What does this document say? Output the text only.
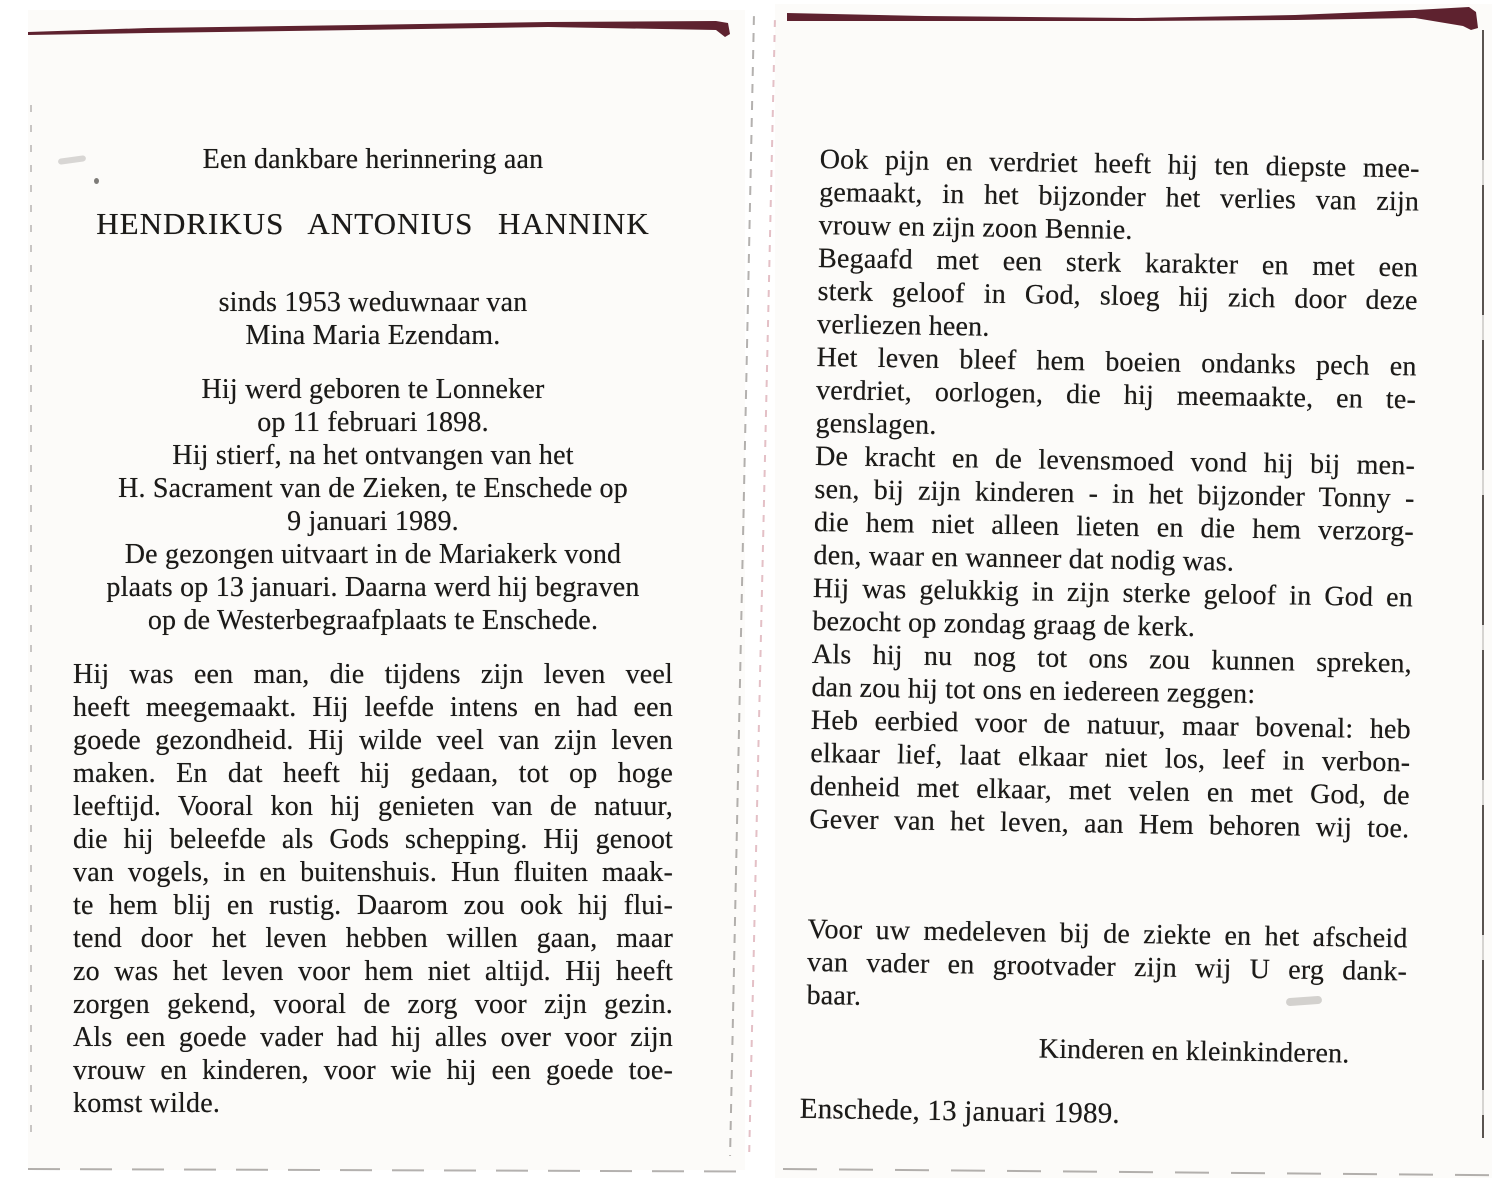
Een dankbare herinnering aan
HENDRIKUS ANTONIUS HANNINK
sinds 1953 weduwnaar van
Mina Maria Ezendam.
Hij werd geboren te Lonneker
op 11 februari 1898.
Hij stierf, na het ontvangen van het
H. Sacrament van de Zieken, te Enschede op
9 januari 1989.
De gezongen uitvaart in de Mariakerk vond
plaats op 13 januari. Daarna werd hij begraven
op de Westerbegraafplaats te Enschede.
Hij was een man, die tijdens zijn leven veel
heeft meegemaakt. Hij leefde intens en had een
goede gezondheid. Hij wilde veel van zijn leven
maken. En dat heeft hij gedaan, tot op hoge
leeftijd. Vooral kon hij genieten van de natuur,
die hij beleefde als Gods schepping. Hij genoot
van vogels, in en buitenshuis. Hun fluiten maak-
te hem blij en rustig. Daarom zou ook hij flui-
tend door het leven hebben willen gaan, maar
zo was het leven voor hem niet altijd. Hij heeft
zorgen gekend, vooral de zorg voor zijn gezin.
Als een goede vader had hij alles over voor zijn
vrouw en kinderen, voor wie hij een goede toe-
komst wilde.
Ook pijn en verdriet heeft hij ten diepste mee-
gemaakt, in het bijzonder het verlies van zijn
vrouw en zijn zoon Bennie.
Begaafd met een sterk karakter en met een
sterk geloof in God, sloeg hij zich door deze
verliezen heen.
Het leven bleef hem boeien ondanks pech en
verdriet, oorlogen, die hij meemaakte, en te-
genslagen.
De kracht en de levensmoed vond hij bij men-
sen, bij zijn kinderen - in het bijzonder Tonny -
die hem niet alleen lieten en die hem verzorg-
den, waar en wanneer dat nodig was.
Hij was gelukkig in zijn sterke geloof in God en
bezocht op zondag graag de kerk.
Als hij nu nog tot ons zou kunnen spreken,
dan zou hij tot ons en iedereen zeggen:
Heb eerbied voor de natuur, maar bovenal: heb
elkaar lief, laat elkaar niet los, leef in verbon-
denheid met elkaar, met velen en met God, de
Gever van het leven, aan Hem behoren wij toe.
Voor uw medeleven bij de ziekte en het afscheid
van vader en grootvader zijn wij U erg dank-
baar.
Kinderen en kleinkinderen.
Enschede, 13 januari 1989.
